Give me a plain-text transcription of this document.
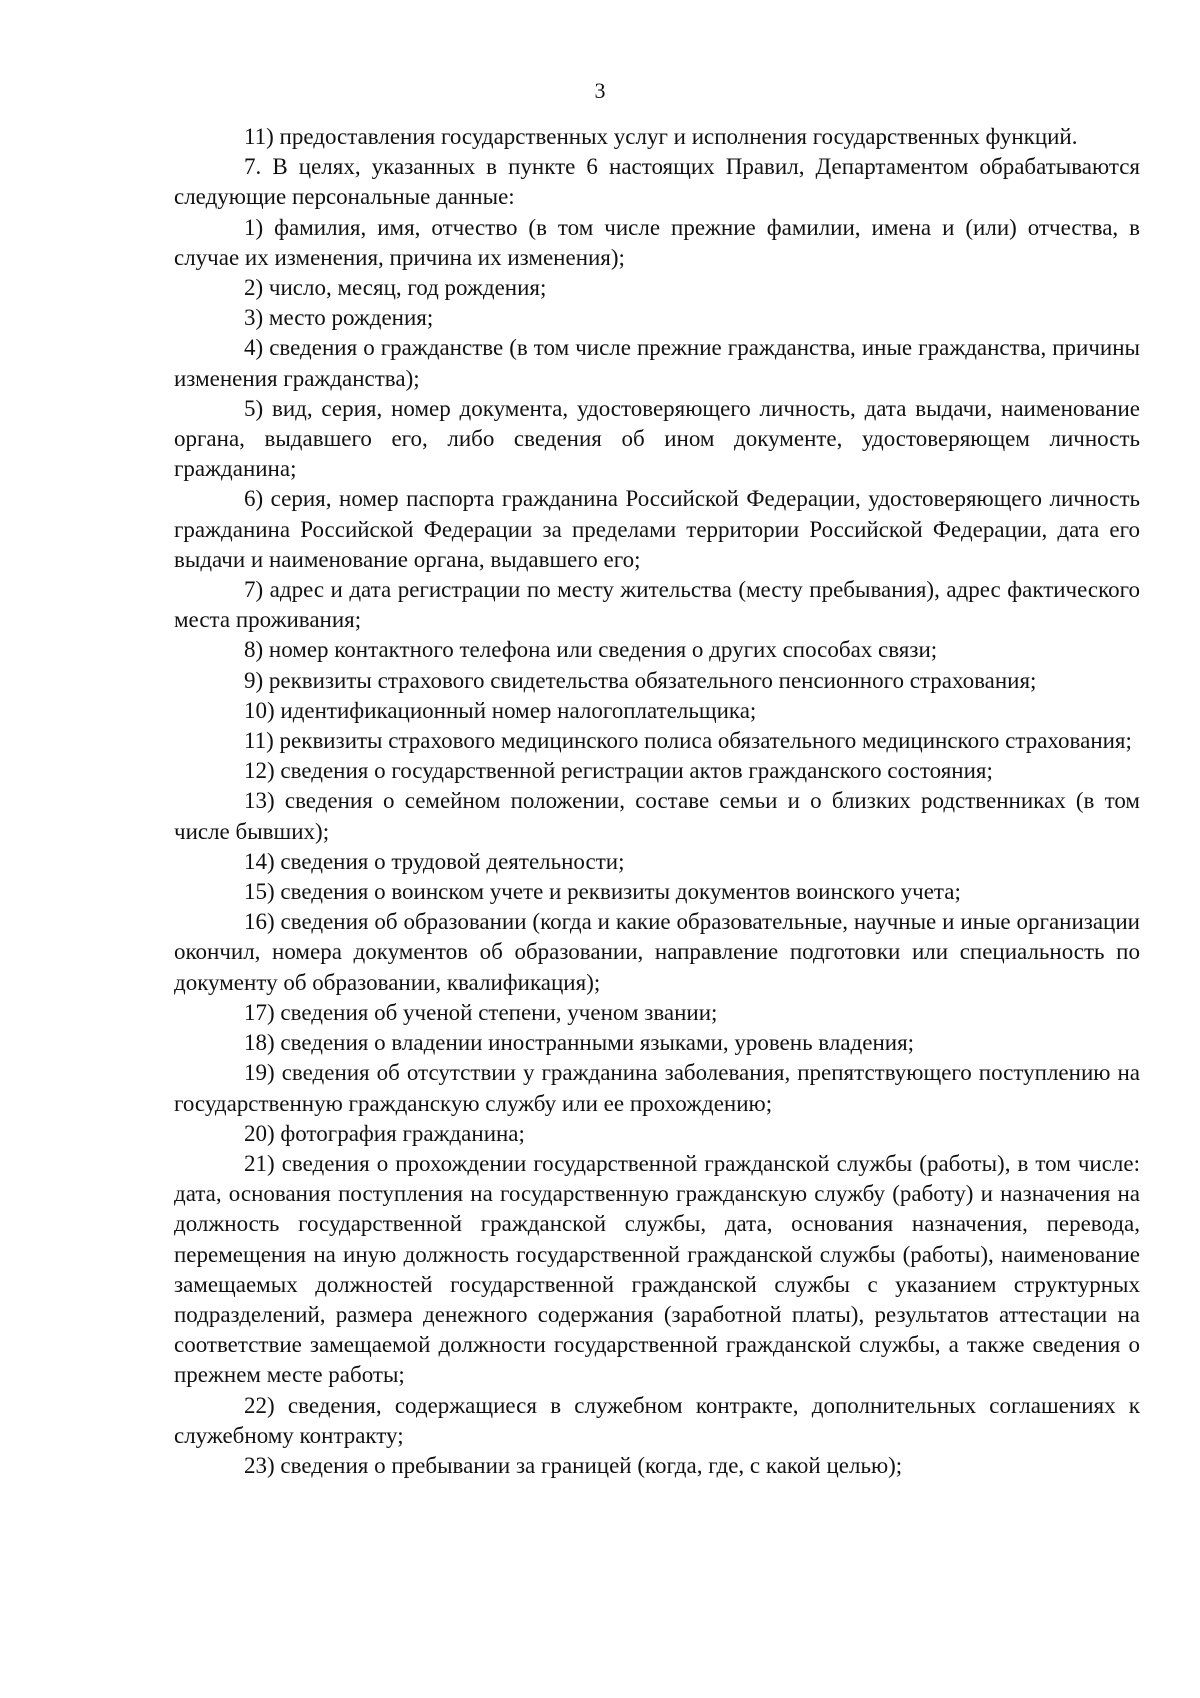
3

11) предоставления государственных услуг и исполнения государственных функций.

7. В целях, указанных в пункте 6 настоящих Правил, Департаментом обрабатываются следующие персональные данные:

1) фамилия, имя, отчество (в том числе прежние фамилии, имена и (или) отчества, в случае их изменения, причина их изменения);

2) число, месяц, год рождения;

3) место рождения;

4) сведения о гражданстве (в том числе прежние гражданства, иные гражданства, причины изменения гражданства);

5) вид, серия, номер документа, удостоверяющего личность, дата выдачи, наименование органа, выдавшего его, либо сведения об ином документе, удостоверяющем личность гражданина;

6) серия, номер паспорта гражданина Российской Федерации, удостоверяющего личность гражданина Российской Федерации за пределами территории Российской Федерации, дата его выдачи и наименование органа, выдавшего его;

7) адрес и дата регистрации по месту жительства (месту пребывания), адрес фактического места проживания;

8) номер контактного телефона или сведения о других способах связи;

9) реквизиты страхового свидетельства обязательного пенсионного страхования;

10) идентификационный номер налогоплательщика;

11) реквизиты страхового медицинского полиса обязательного медицинского страхования;

12) сведения о государственной регистрации актов гражданского состояния;

13) сведения о семейном положении, составе семьи и о близких родственниках (в том числе бывших);

14) сведения о трудовой деятельности;

15) сведения о воинском учете и реквизиты документов воинского учета;

16) сведения об образовании (когда и какие образовательные, научные и иные организации окончил, номера документов об образовании, направление подготовки или специальность по документу об образовании, квалификация);

17) сведения об ученой степени, ученом звании;

18) сведения о владении иностранными языками, уровень владения;

19) сведения об отсутствии у гражданина заболевания, препятствующего поступлению на государственную гражданскую службу или ее прохождению;

20) фотография гражданина;

21) сведения о прохождении государственной гражданской службы (работы), в том числе: дата, основания поступления на государственную гражданскую службу (работу) и назначения на должность государственной гражданской службы, дата, основания назначения, перевода, перемещения на иную должность государственной гражданской службы (работы), наименование замещаемых должностей государственной гражданской службы с указанием структурных подразделений, размера денежного содержания (заработной платы), результатов аттестации на соответствие замещаемой должности государственной гражданской службы, а также сведения о прежнем месте работы;

22) сведения, содержащиеся в служебном контракте, дополнительных соглашениях к служебному контракту;

23) сведения о пребывании за границей (когда, где, с какой целью);
